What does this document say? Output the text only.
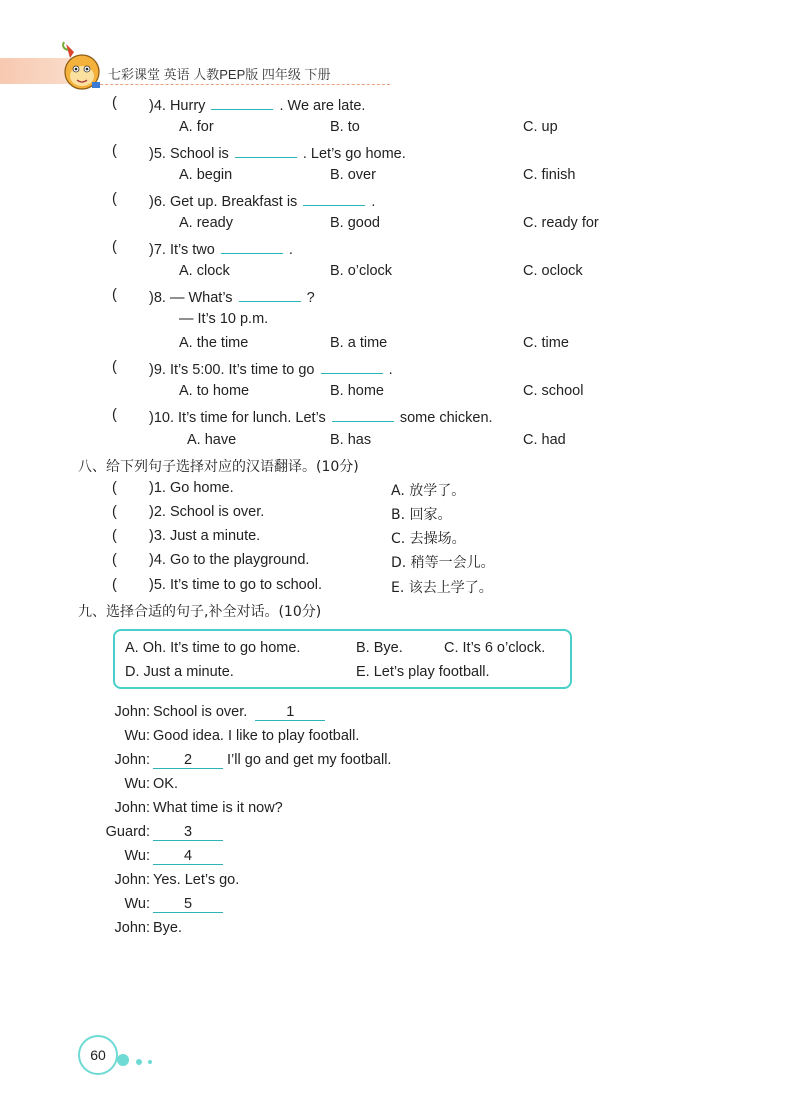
七彩课堂 英语 人教PEP版 四年级 下册
( )4. Hurry	. We are late.
A. for	B. to	C. up
( )5. School is	. Let’s go home.
A. begin	B. over	C. finish
( )6. Get up. Breakfast is	.
A. ready	B. good	C. ready for
( )7. It’s two	.
A. clock	B. o’clock	C. oclock
( )8. — What’s	?
— It’s 10 p.m.
A. the time	B. a time	C. time
( )9. It’s 5:00. It’s time to go	.
A. to home	B. home	C. school
( )10. It’s time for lunch. Let’s	some chicken.
A. have	B. has	C. had
八、给下列句子选择对应的汉语翻译。(10分)
( )1. Go home.	A. 放学了。
( )2. School is over.	B. 回家。
( )3. Just a minute.	C. 去操场。
( )4. Go to the playground.	D. 稍等一会儿。
( )5. It’s time to go to school.	E. 该去上学了。
九、选择合适的句子,补全对话。(10分)
A. Oh. It’s time to go home.	B. Bye.	C. It’s 6 o’clock.
D. Just a minute.	E. Let’s play football.
John: School is over.	1
Wu: Good idea. I like to play football.
John:	2 I’ll go and get my football.
Wu: OK.
John: What time is it now?
Guard:	3
Wu:	4
John: Yes. Let’s go.
Wu:	5
John: Bye.
60
